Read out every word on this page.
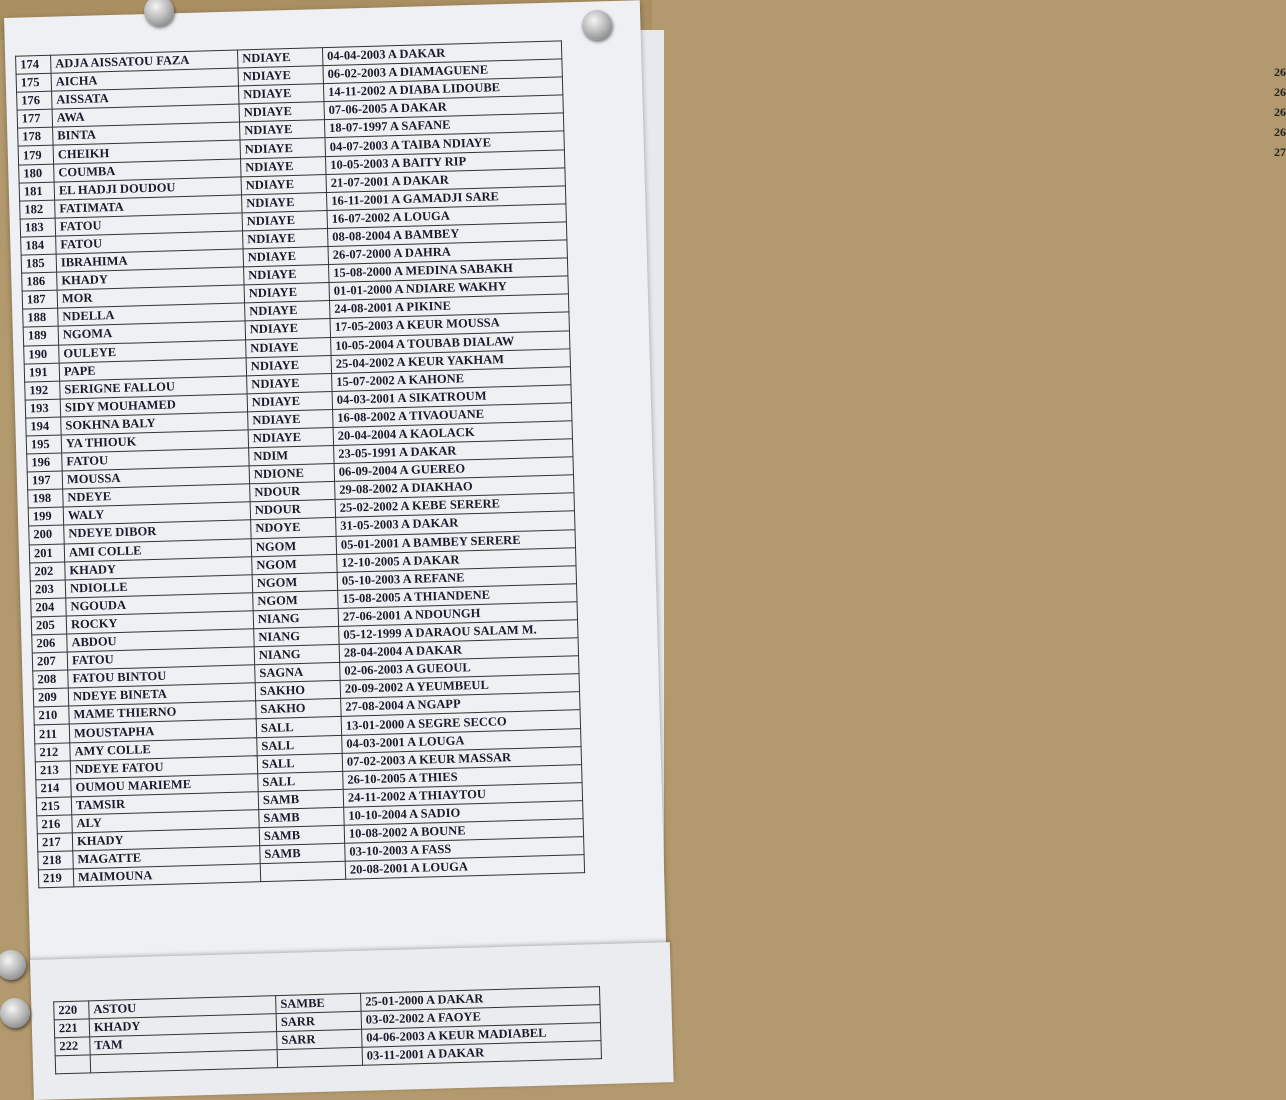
26
26
26
26
27
174	ADJA AISSATOU FAZA	NDIAYE	04-04-2003 A DAKAR
175	AICHA	NDIAYE	06-02-2003 A DIAMAGUENE
176	AISSATA	NDIAYE	14-11-2002 A DIABA LIDOUBE
177	AWA	NDIAYE	07-06-2005 A DAKAR
178	BINTA	NDIAYE	18-07-1997 A SAFANE
179	CHEIKH	NDIAYE	04-07-2003 A TAIBA NDIAYE
180	COUMBA	NDIAYE	10-05-2003 A BAITY RIP
181	EL HADJI DOUDOU	NDIAYE	21-07-2001 A DAKAR
182	FATIMATA	NDIAYE	16-11-2001 A GAMADJI SARE
183	FATOU	NDIAYE	16-07-2002 A LOUGA
184	FATOU	NDIAYE	08-08-2004 A BAMBEY
185	IBRAHIMA	NDIAYE	26-07-2000 A DAHRA
186	KHADY	NDIAYE	15-08-2000 A MEDINA SABAKH
187	MOR	NDIAYE	01-01-2000 A NDIARE WAKHY
188	NDELLA	NDIAYE	24-08-2001 A PIKINE
189	NGOMA	NDIAYE	17-05-2003 A KEUR MOUSSA
190	OULEYE	NDIAYE	10-05-2004 A TOUBAB DIALAW
191	PAPE	NDIAYE	25-04-2002 A KEUR YAKHAM
192	SERIGNE FALLOU	NDIAYE	15-07-2002 A KAHONE
193	SIDY MOUHAMED	NDIAYE	04-03-2001 A SIKATROUM
194	SOKHNA BALY	NDIAYE	16-08-2002 A TIVAOUANE
195	YA THIOUK	NDIAYE	20-04-2004 A KAOLACK
196	FATOU	NDIM	23-05-1991 A DAKAR
197	MOUSSA	NDIONE	06-09-2004 A GUEREO
198	NDEYE	NDOUR	29-08-2002 A DIAKHAO
199	WALY	NDOUR	25-02-2002 A KEBE SERERE
200	NDEYE DIBOR	NDOYE	31-05-2003 A DAKAR
201	AMI COLLE	NGOM	05-01-2001 A BAMBEY SERERE
202	KHADY	NGOM	12-10-2005 A DAKAR
203	NDIOLLE	NGOM	05-10-2003 A REFANE
204	NGOUDA	NGOM	15-08-2005 A THIANDENE
205	ROCKY	NIANG	27-06-2001 A NDOUNGH
206	ABDOU	NIANG	05-12-1999 A DARAOU SALAM M.
207	FATOU	NIANG	28-04-2004 A DAKAR
208	FATOU BINTOU	SAGNA	02-06-2003 A GUEOUL
209	NDEYE BINETA	SAKHO	20-09-2002 A YEUMBEUL
210	MAME THIERNO	SAKHO	27-08-2004 A NGAPP
211	MOUSTAPHA	SALL	13-01-2000 A SEGRE SECCO
212	AMY COLLE	SALL	04-03-2001 A LOUGA
213	NDEYE FATOU	SALL	07-02-2003 A KEUR MASSAR
214	OUMOU MARIEME	SALL	26-10-2005 A THIES
215	TAMSIR	SAMB	24-11-2002 A THIAYTOU
216	ALY	SAMB	10-10-2004 A SADIO
217	KHADY	SAMB	10-08-2002 A BOUNE
218	MAGATTE	SAMB	03-10-2003 A FASS
219	MAIMOUNA		20-08-2001 A LOUGA
220	ASTOU	SAMBE	25-01-2000 A DAKAR
221	KHADY	SARR	03-02-2002 A FAOYE
222	TAM	SARR	04-06-2003 A KEUR MADIABEL
			03-11-2001 A DAKAR
